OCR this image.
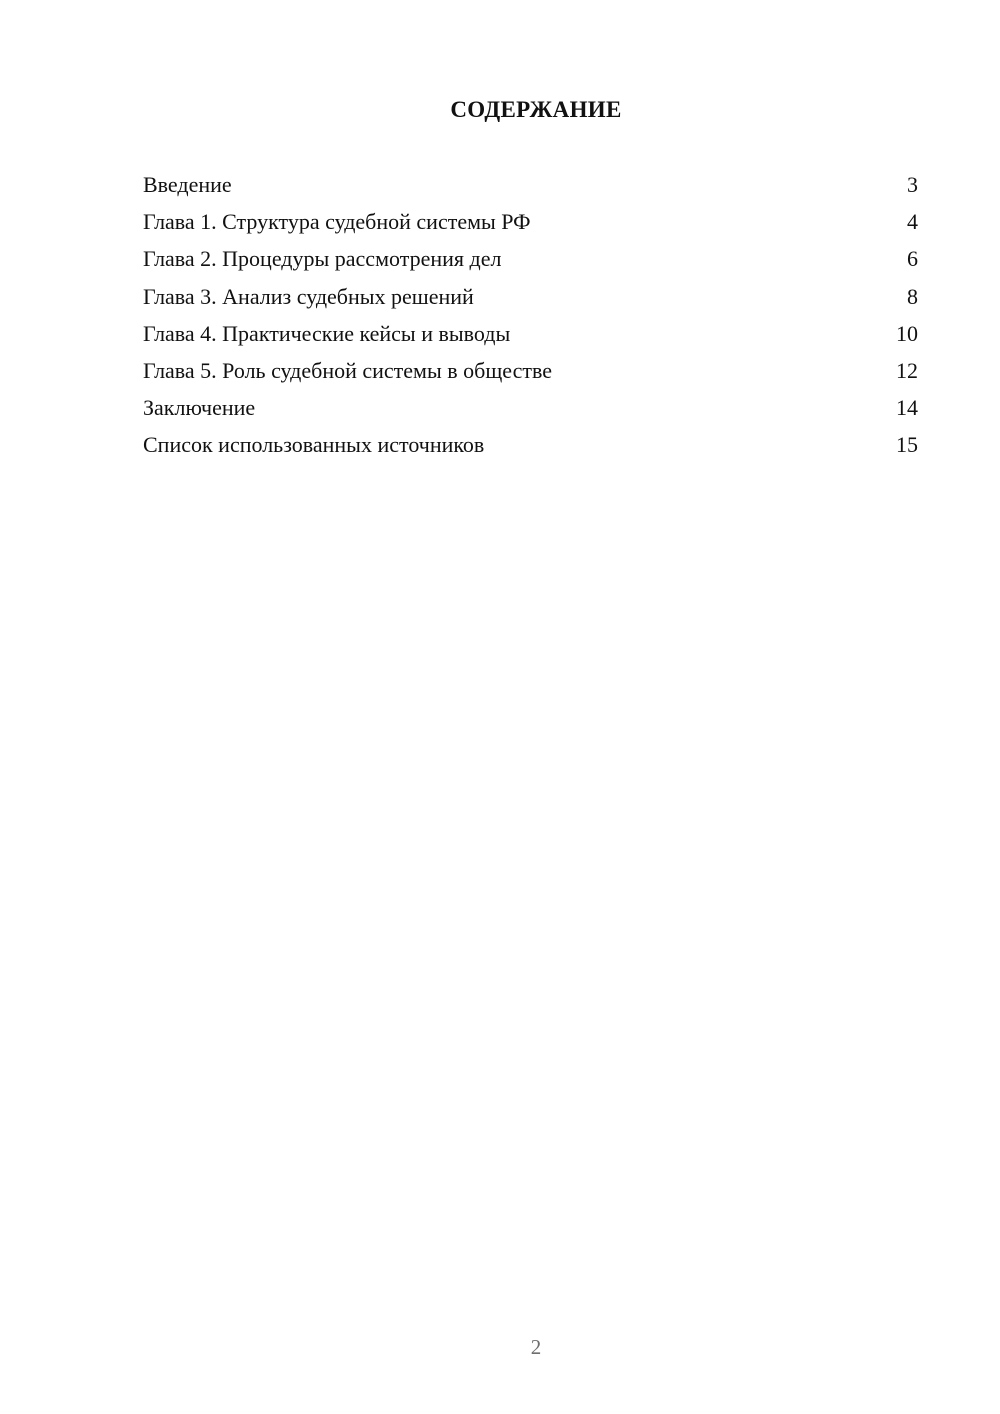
СОДЕРЖАНИЕ
Введение	3
Глава 1. Структура судебной системы РФ	4
Глава 2. Процедуры рассмотрения дел	6
Глава 3. Анализ судебных решений	8
Глава 4. Практические кейсы и выводы	10
Глава 5. Роль судебной системы в обществе	12
Заключение	14
Список использованных источников	15
2
